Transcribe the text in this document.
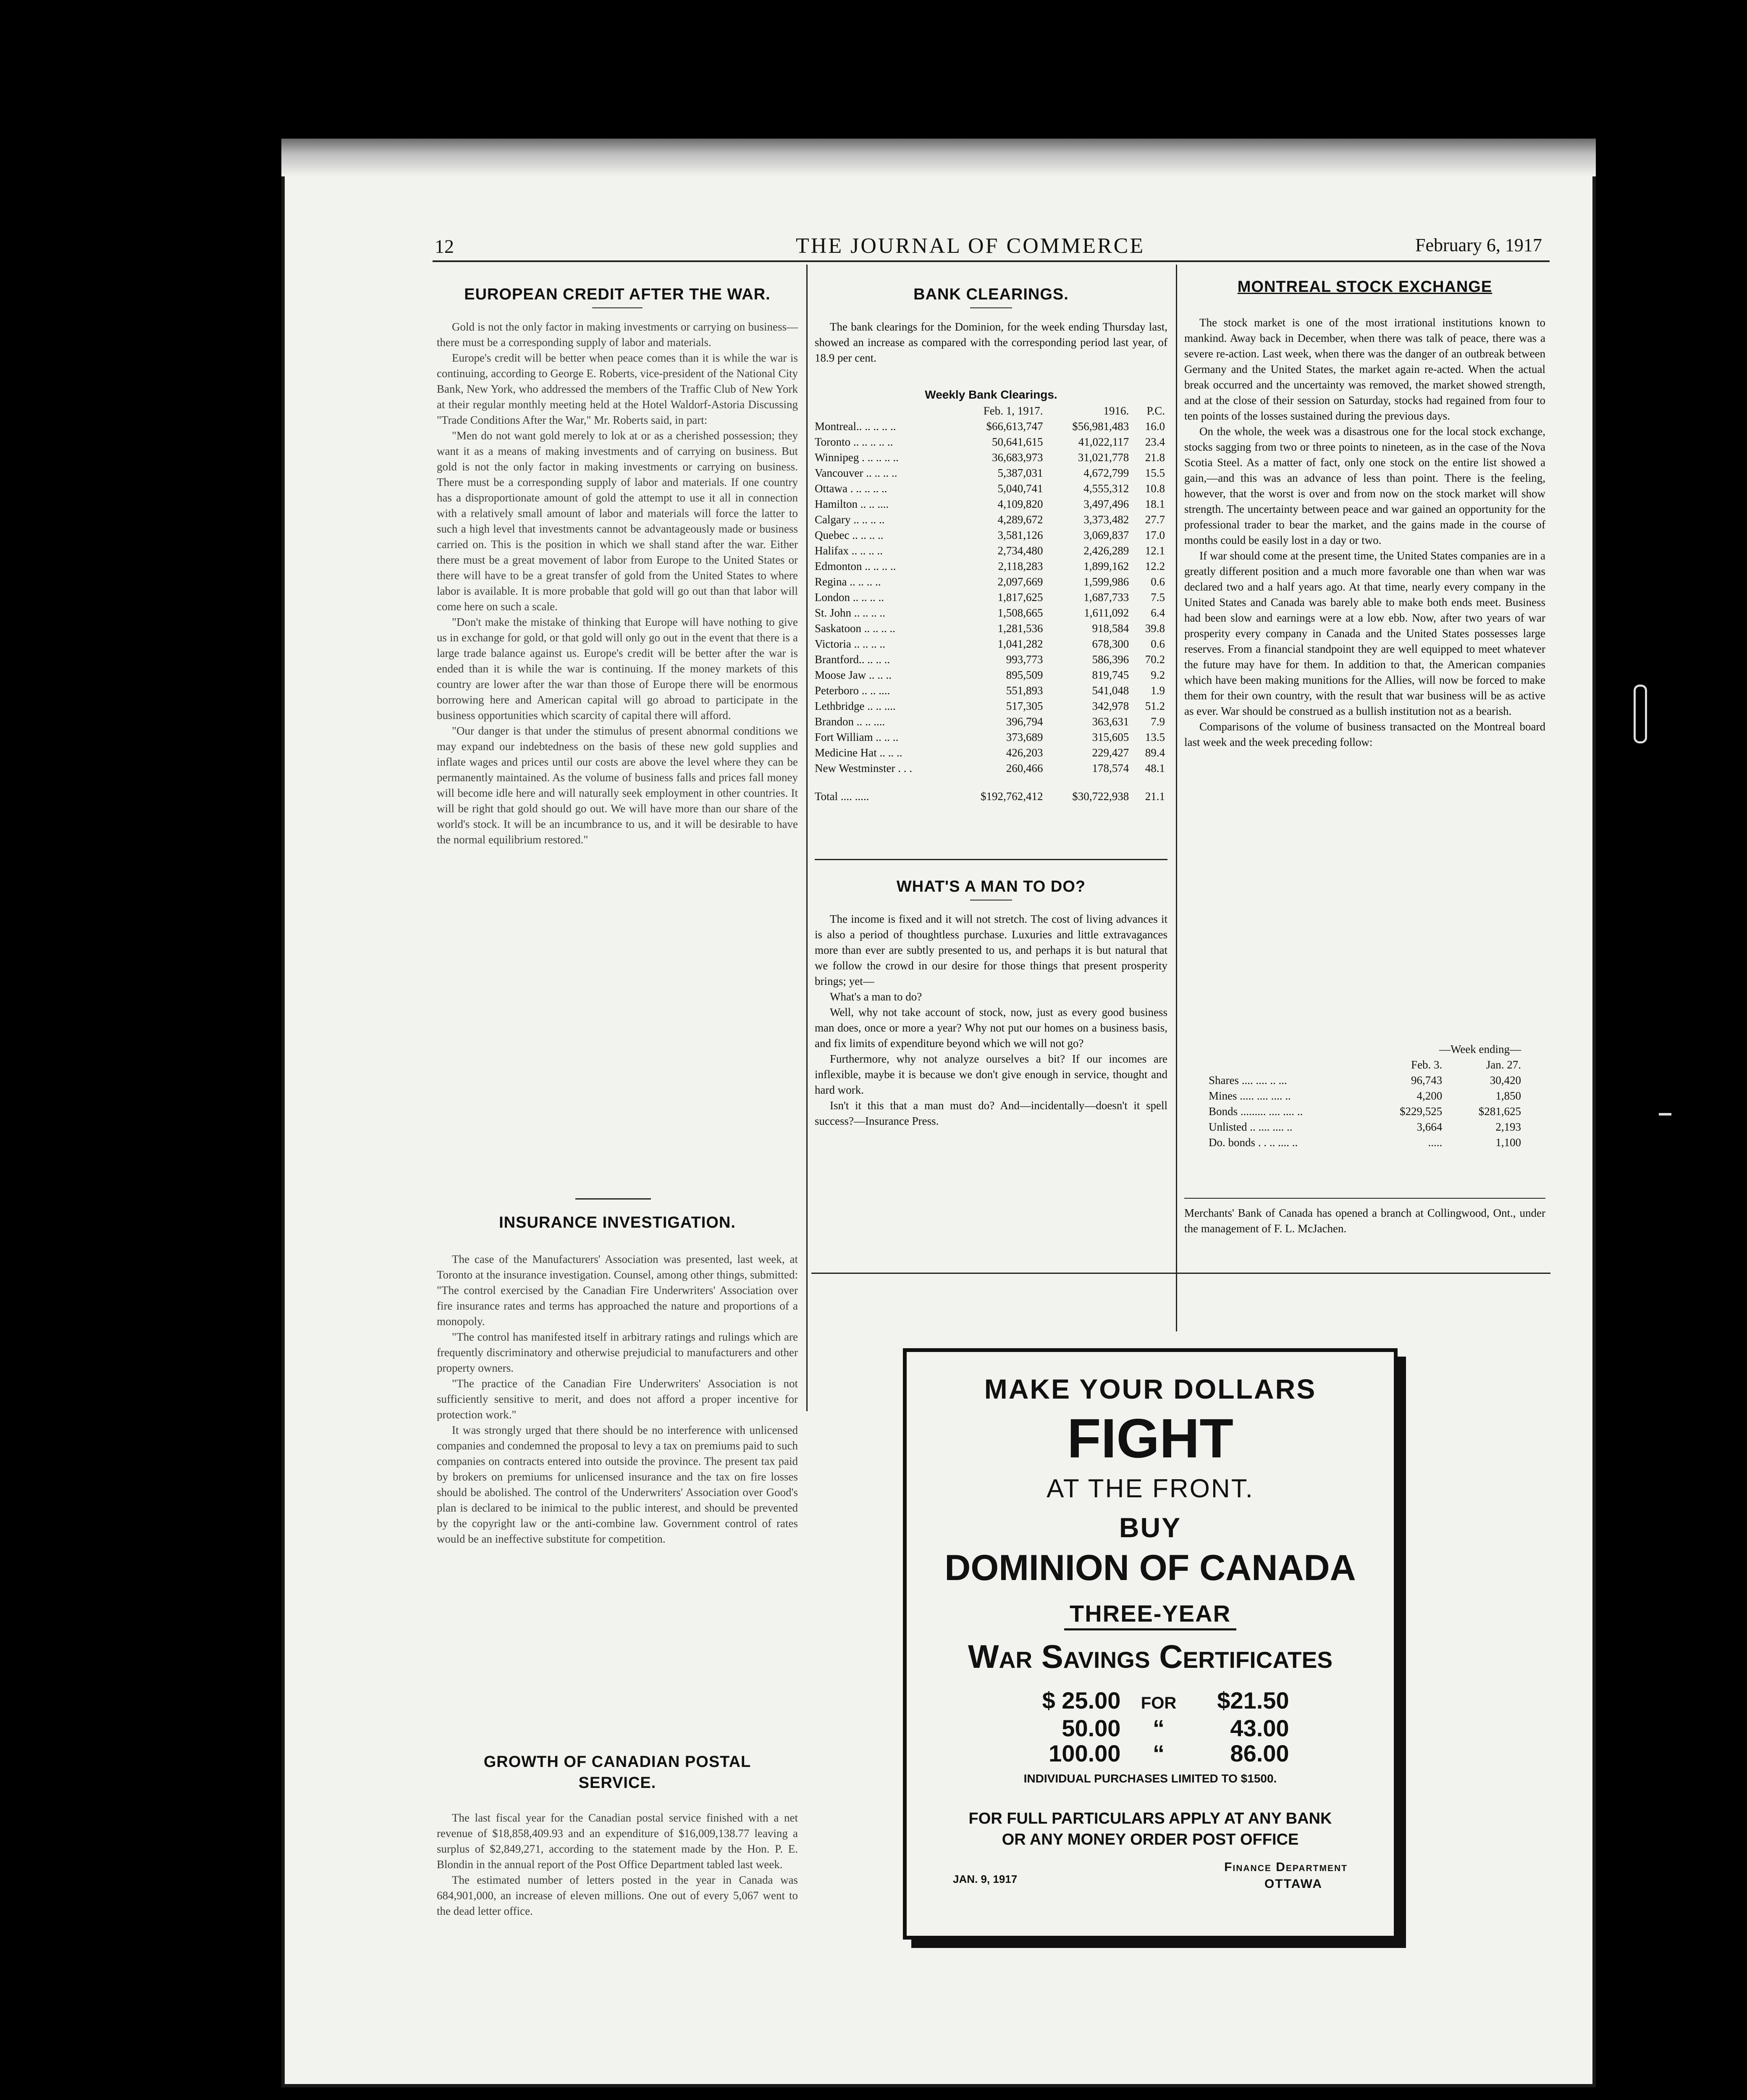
12	THE JOURNAL OF COMMERCE	February 6, 1917
EUROPEAN CREDIT AFTER THE WAR.

Gold is not the only factor in making investments or carrying on business—there must be a corresponding supply of labor and materials.

Europe's credit will be better when peace comes than it is while the war is continuing, according to George E. Roberts, vice-president of the National City Bank, New York, who addressed the members of the Traffic Club of New York at their regular monthly meeting held at the Hotel Waldorf-Astoria Discussing "Trade Conditions After the War," Mr. Roberts said, in part:

"Men do not want gold merely to lok at or as a cherished possession; they want it as a means of making investments and of carrying on business. But gold is not the only factor in making investments or carrying on business. There must be a corresponding supply of labor and materials. If one country has a disproportionate amount of gold the attempt to use it all in connection with a relatively small amount of labor and materials will force the latter to such a high level that investments cannot be advantageously made or business carried on. This is the position in which we shall stand after the war. Either there must be a great movement of labor from Europe to the United States or there will have to be a great transfer of gold from the United States to where labor is available. It is more probable that gold will go out than that labor will come here on such a scale.

"Don't make the mistake of thinking that Europe will have nothing to give us in exchange for gold, or that gold will only go out in the event that there is a large trade balance against us. Europe's credit will be better after the war is ended than it is while the war is continuing. If the money markets of this country are lower after the war than those of Europe there will be enormous borrowing here and American capital will go abroad to participate in the business opportunities which scarcity of capital there will afford.

"Our danger is that under the stimulus of present abnormal conditions we may expand our indebtedness on the basis of these new gold supplies and inflate wages and prices until our costs are above the level where they can be permanently maintained. As the volume of business falls and prices fall money will become idle here and will naturally seek employment in other countries. It will be right that gold should go out. We will have more than our share of the world's stock. It will be an incumbrance to us, and it will be desirable to have the normal equilibrium restored."

INSURANCE INVESTIGATION.

The case of the Manufacturers' Association was presented, last week, at Toronto at the insurance investigation. Counsel, among other things, submitted: "The control exercised by the Canadian Fire Underwriters' Association over fire insurance rates and terms has approached the nature and proportions of a monopoly.

"The control has manifested itself in arbitrary ratings and rulings which are frequently discriminatory and otherwise prejudicial to manufacturers and other property owners.

"The practice of the Canadian Fire Underwriters' Association is not sufficiently sensitive to merit, and does not afford a proper incentive for protection work."

It was strongly urged that there should be no interference with unlicensed companies and condemned the proposal to levy a tax on premiums paid to such companies on contracts entered into outside the province. The present tax paid by brokers on premiums for unlicensed insurance and the tax on fire losses should be abolished. The control of the Underwriters' Association over Good's plan is declared to be inimical to the public interest, and should be prevented by the copyright law or the anti-combine law. Government control of rates would be an ineffective substitute for competition.

GROWTH OF CANADIAN POSTAL
SERVICE.

The last fiscal year for the Canadian postal service finished with a net revenue of $18,858,409.93 and an expenditure of $16,009,138.77 leaving a surplus of $2,849,271, according to the statement made by the Hon. P. E. Blondin in the annual report of the Post Office Department tabled last week.

The estimated number of letters posted in the year in Canada was 684,901,000, an increase of eleven millions. One out of every 5,067 went to the dead letter office.

BANK CLEARINGS.

The bank clearings for the Dominion, for the week ending Thursday last, showed an increase as compared with the corresponding period last year, of 18.9 per cent.

Weekly Bank Clearings.
	Feb. 1, 1917.	1916.	P.C.
Montreal.. .. .. .. ..	$66,613,747	$56,981,483	16.0
Toronto .. .. .. .. ..	50,641,615	41,022,117	23.4
Winnipeg . .. .. .. ..	36,683,973	31,021,778	21.8
Vancouver .. .. .. ..	5,387,031	4,672,799	15.5
Ottawa . .. .. .. ..	5,040,741	4,555,312	10.8
Hamilton .. .. ....	4,109,820	3,497,496	18.1
Calgary .. .. .. ..	4,289,672	3,373,482	27.7
Quebec .. .. .. ..	3,581,126	3,069,837	17.0
Halifax .. .. .. ..	2,734,480	2,426,289	12.1
Edmonton .. .. .. ..	2,118,283	1,899,162	12.2
Regina .. .. .. ..	2,097,669	1,599,986	0.6
London .. .. .. ..	1,817,625	1,687,733	7.5
St. John .. .. .. ..	1,508,665	1,611,092	6.4
Saskatoon .. .. .. ..	1,281,536	918,584	39.8
Victoria .. .. .. ..	1,041,282	678,300	0.6
Brantford.. .. .. ..	993,773	586,396	70.2
Moose Jaw .. .. ..	895,509	819,745	9.2
Peterboro .. .. ....	551,893	541,048	1.9
Lethbridge .. .. ....	517,305	342,978	51.2
Brandon .. .. ....	396,794	363,631	7.9
Fort William .. .. ..	373,689	315,605	13.5
Medicine Hat .. .. ..	426,203	229,427	89.4
New Westminster . . .	260,466	178,574	48.1

Total .... .....	$192,762,412	$30,722,938	21.1
WHAT'S A MAN TO DO?

The income is fixed and it will not stretch. The cost of living advances it is also a period of thoughtless purchase. Luxuries and little extravagances more than ever are subtly presented to us, and perhaps it is but natural that we follow the crowd in our desire for those things that present prosperity brings; yet—

What's a man to do?

Well, why not take account of stock, now, just as every good business man does, once or more a year? Why not put our homes on a business basis, and fix limits of expenditure beyond which we will not go?

Furthermore, why not analyze ourselves a bit? If our incomes are inflexible, maybe it is because we don't give enough in service, thought and hard work.

Isn't it this that a man must do? And—incidentally—doesn't it spell success?—Insurance Press.

MONTREAL STOCK EXCHANGE

The stock market is one of the most irrational institutions known to mankind. Away back in December, when there was talk of peace, there was a severe re-action. Last week, when there was the danger of an outbreak between Germany and the United States, the market again re-acted. When the actual break occurred and the uncertainty was removed, the market showed strength, and at the close of their session on Saturday, stocks had regained from four to ten points of the losses sustained during the previous days.

On the whole, the week was a disastrous one for the local stock exchange, stocks sagging from two or three points to nineteen, as in the case of the Nova Scotia Steel. As a matter of fact, only one stock on the entire list showed a gain,—and this was an advance of less than point. There is the feeling, however, that the worst is over and from now on the stock market will show strength. The uncertainty between peace and war gained an opportunity for the professional trader to bear the market, and the gains made in the course of months could be easily lost in a day or two.

If war should come at the present time, the United States companies are in a greatly different position and a much more favorable one than when war was declared two and a half years ago. At that time, nearly every company in the United States and Canada was barely able to make both ends meet. Business had been slow and earnings were at a low ebb. Now, after two years of war prosperity every company in Canada and the United States possesses large reserves. From a financial standpoint they are well equipped to meet whatever the future may have for them. In addition to that, the American companies which have been making munitions for the Allies, will now be forced to make them for their own country, with the result that war business will be as active as ever. War should be construed as a bullish institution not as a bearish.

Comparisons of the volume of business transacted on the Montreal board last week and the week preceding follow:

	—Week ending—	
	Feb. 3.	Jan. 27.
Shares .... .... .. ...	96,743	30,420
Mines ..... .... .... ..	4,200	1,850
Bonds ......... .... .... ..	$229,525	$281,625
Unlisted .. .... .... ..	3,664	2,193
Do. bonds . . .. .... ..	.....	1,100

Merchants' Bank of Canada has opened a branch at Collingwood, Ont., under the management of F. L. McJachen.

MAKE YOUR DOLLARS
FIGHT
AT THE FRONT.
BUY
DOMINION OF CANADA
THREE-YEAR
War Savings Certificates
$ 25.00 FOR $21.50
50.00 “	43.00
100.00 “	86.00
INDIVIDUAL PURCHASES LIMITED TO $1500.
FOR FULL PARTICULARS APPLY AT ANY BANK
OR ANY MONEY ORDER POST OFFICE
JAN. 9, 1917
Finance Department
OTTAWA
